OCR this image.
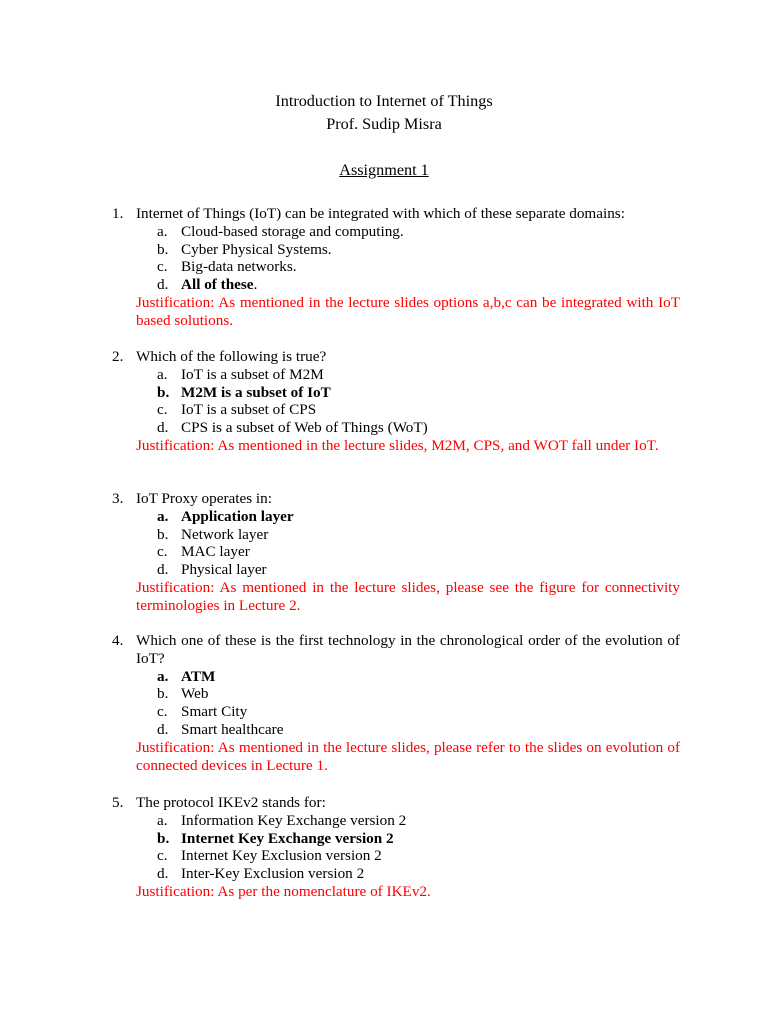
Introduction to Internet of Things
Prof. Sudip Misra
Assignment 1
1. Internet of Things (IoT) can be integrated with which of these separate domains:
a. Cloud-based storage and computing.
b. Cyber Physical Systems.
c. Big-data networks.
d. All of these.
Justification: As mentioned in the lecture slides options a,b,c can be integrated with IoT based solutions.
2. Which of the following is true?
a. IoT is a subset of M2M
b. M2M is a subset of IoT
c. IoT is a subset of CPS
d. CPS is a subset of Web of Things (WoT)
Justification: As mentioned in the lecture slides, M2M, CPS, and WOT fall under IoT.
3. IoT Proxy operates in:
a. Application layer
b. Network layer
c. MAC layer
d. Physical layer
Justification: As mentioned in the lecture slides, please see the figure for connectivity terminologies in Lecture 2.
4. Which one of these is the first technology in the chronological order of the evolution of IoT?
a. ATM
b. Web
c. Smart City
d. Smart healthcare
Justification: As mentioned in the lecture slides, please refer to the slides on evolution of connected devices in Lecture 1.
5. The protocol IKEv2 stands for:
a. Information Key Exchange version 2
b. Internet Key Exchange version 2
c. Internet Key Exclusion version 2
d. Inter-Key Exclusion version 2
Justification: As per the nomenclature of IKEv2.
